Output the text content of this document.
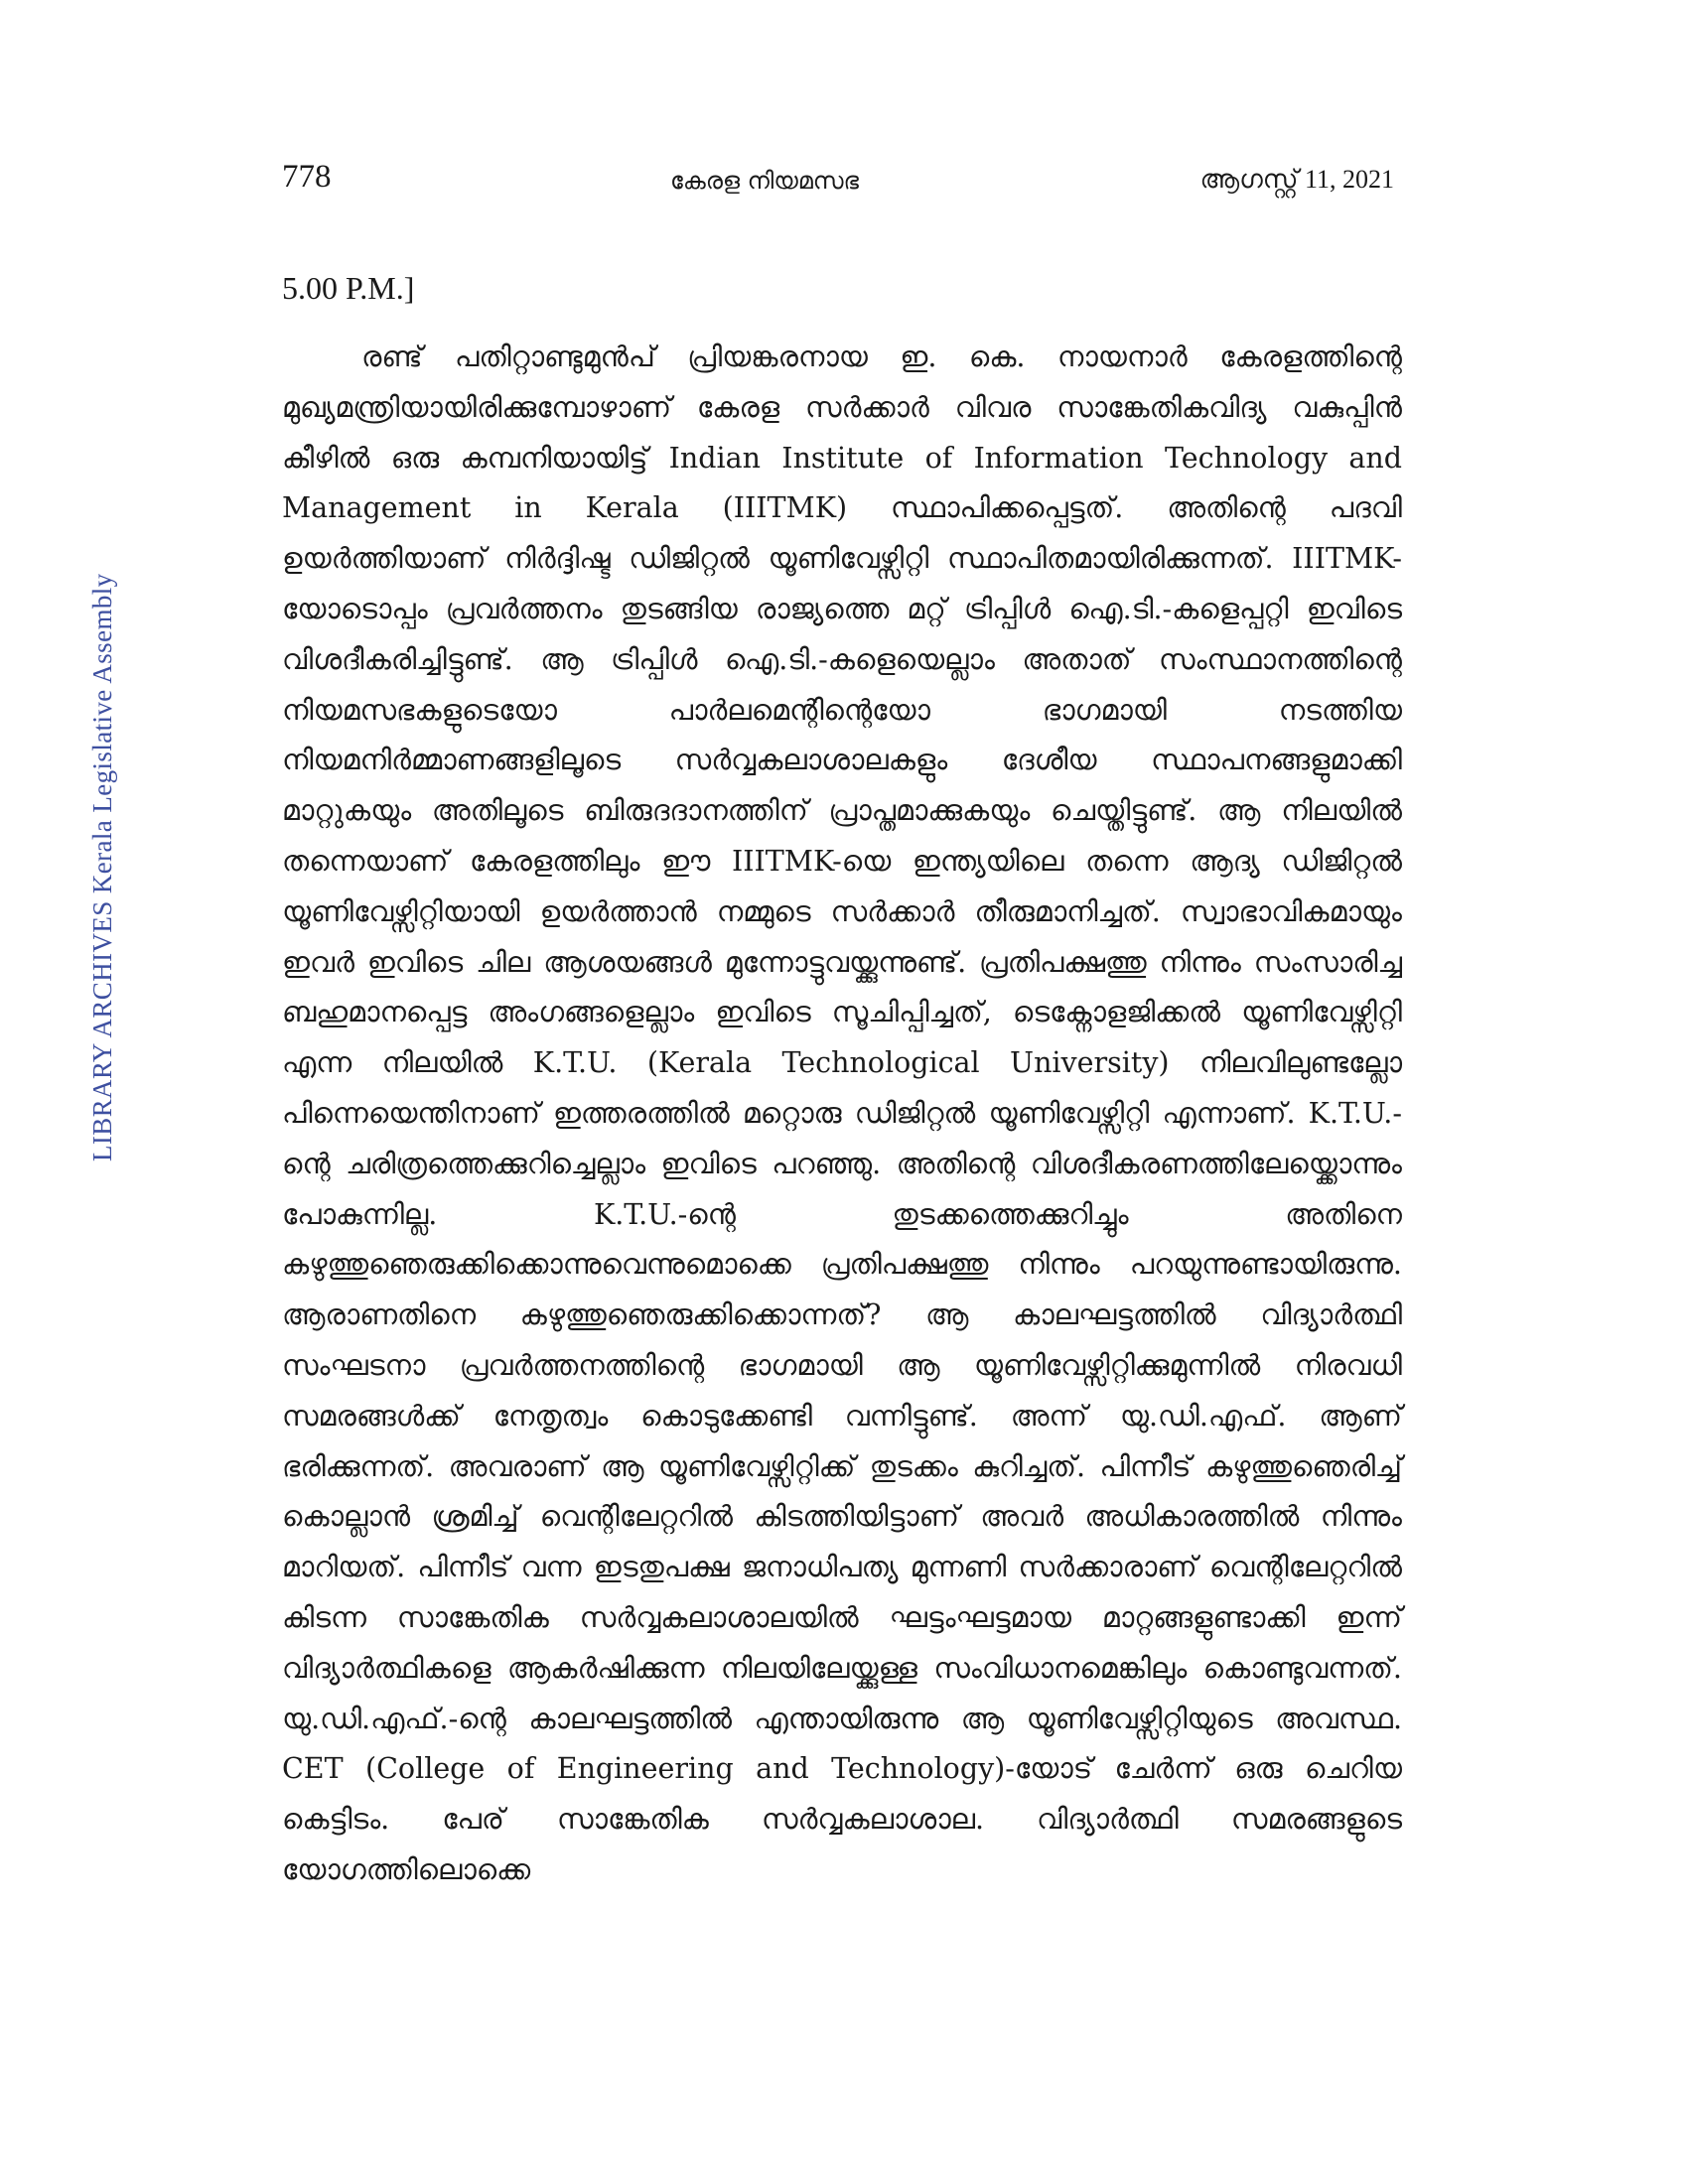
778	കേരള നിയമസഭ	ആഗസ്റ്റ് 11, 2021
5.00 P.M.]
LIBRARY ARCHIVES Kerala Legislative Assembly

രണ്ട് പതിറ്റാണ്ടുമുൻപ് പ്രിയങ്കരനായ ഇ. കെ. നായനാർ കേരളത്തിന്റെ മുഖ്യമന്ത്രിയായിരിക്കുമ്പോഴാണ് കേരള സർക്കാർ വിവര സാങ്കേതികവിദ്യ വകുപ്പിൻ കീഴിൽ ഒരു കമ്പനിയായിട്ട് Indian Institute of Information Technology and Management in Kerala (IIITMK) സ്ഥാപിക്കപ്പെട്ടത്. അതിന്റെ പദവി ഉയർത്തിയാണ് നിർദ്ദിഷ്ട ഡിജിറ്റൽ യൂണിവേഴ്സിറ്റി സ്ഥാപിതമായിരിക്കുന്നത്. IIITMK-യോടൊപ്പം പ്രവർത്തനം തുടങ്ങിയ രാജ്യത്തെ മറ്റ് ട്രിപ്പിൾ ഐ.ടി.-കളെപ്പറ്റി ഇവിടെ വിശദീകരിച്ചിട്ടുണ്ട്. ആ ട്രിപ്പിൾ ഐ.ടി.-കളെയെല്ലാം അതാത് സംസ്ഥാനത്തിന്റെ നിയമസഭകളുടെയോ പാർലമെന്റിന്റെയോ ഭാഗമായി നടത്തിയ നിയമനിർമ്മാണങ്ങളിലൂടെ സർവ്വകലാശാലകളും ദേശീയ സ്ഥാപനങ്ങളുമാക്കി മാറ്റുകയും അതിലൂടെ ബിരുദദാനത്തിന് പ്രാപ്തമാക്കുകയും ചെയ്തിട്ടുണ്ട്. ആ നിലയിൽ തന്നെയാണ് കേരളത്തിലും ഈ IIITMK-യെ ഇന്ത്യയിലെ തന്നെ ആദ്യ ഡിജിറ്റൽ യൂണിവേഴ്സിറ്റിയായി ഉയർത്താൻ നമ്മുടെ സർക്കാർ തീരുമാനിച്ചത്. സ്വാഭാവികമായും ഇവർ ഇവിടെ ചില ആശയങ്ങൾ മുന്നോട്ടുവയ്ക്കുന്നുണ്ട്. പ്രതിപക്ഷത്തു നിന്നും സംസാരിച്ച ബഹുമാനപ്പെട്ട അംഗങ്ങളെല്ലാം ഇവിടെ സൂചിപ്പിച്ചത്, ടെക്നോളജിക്കൽ യൂണിവേഴ്സിറ്റി എന്ന നിലയിൽ K.T.U. (Kerala Technological University) നിലവിലുണ്ടല്ലോ പിന്നെയെന്തിനാണ് ഇത്തരത്തിൽ മറ്റൊരു ഡിജിറ്റൽ യൂണിവേഴ്സിറ്റി എന്നാണ്. K.T.U.-ന്റെ ചരിത്രത്തെക്കുറിച്ചെല്ലാം ഇവിടെ പറഞ്ഞു. അതിന്റെ വിശദീകരണത്തിലേയ്ക്കൊന്നും പോകുന്നില്ല. K.T.U.-ന്റെ തുടക്കത്തെക്കുറിച്ചും അതിനെ കഴുത്തുഞെരുക്കിക്കൊന്നുവെന്നുമൊക്കെ പ്രതിപക്ഷത്തു നിന്നും പറയുന്നുണ്ടായിരുന്നു. ആരാണതിനെ കഴുത്തുഞെരുക്കിക്കൊന്നത്? ആ കാലഘട്ടത്തിൽ വിദ്യാർത്ഥി സംഘടനാ പ്രവർത്തനത്തിന്റെ ഭാഗമായി ആ യൂണിവേഴ്സിറ്റിക്കുമുന്നിൽ നിരവധി സമരങ്ങൾക്ക് നേതൃത്വം കൊടുക്കേണ്ടി വന്നിട്ടുണ്ട്. അന്ന് യു.ഡി.എഫ്. ആണ് ഭരിക്കുന്നത്. അവരാണ് ആ യൂണിവേഴ്സിറ്റിക്ക് തുടക്കം കുറിച്ചത്. പിന്നീട് കഴുത്തുഞെരിച്ച് കൊല്ലാൻ ശ്രമിച്ച് വെന്റിലേറ്ററിൽ കിടത്തിയിട്ടാണ് അവർ അധികാരത്തിൽ നിന്നും മാറിയത്. പിന്നീട് വന്ന ഇടതുപക്ഷ ജനാധിപത്യ മുന്നണി സർക്കാരാണ് വെന്റിലേറ്ററിൽ കിടന്ന സാങ്കേതിക സർവ്വകലാശാലയിൽ ഘട്ടംഘട്ടമായ മാറ്റങ്ങളുണ്ടാക്കി ഇന്ന് വിദ്യാർത്ഥികളെ ആകർഷിക്കുന്ന നിലയിലേയ്ക്കുള്ള സംവിധാനമെങ്കിലും കൊണ്ടുവന്നത്. യു.ഡി.എഫ്.-ന്റെ കാലഘട്ടത്തിൽ എന്തായിരുന്നു ആ യൂണിവേഴ്സിറ്റിയുടെ അവസ്ഥ. CET (College of Engineering and Technology)-യോട് ചേർന്ന് ഒരു ചെറിയ കെട്ടിടം. പേര് സാങ്കേതിക സർവ്വകലാശാല. വിദ്യാർത്ഥി സമരങ്ങളുടെ യോഗത്തിലൊക്കെ
